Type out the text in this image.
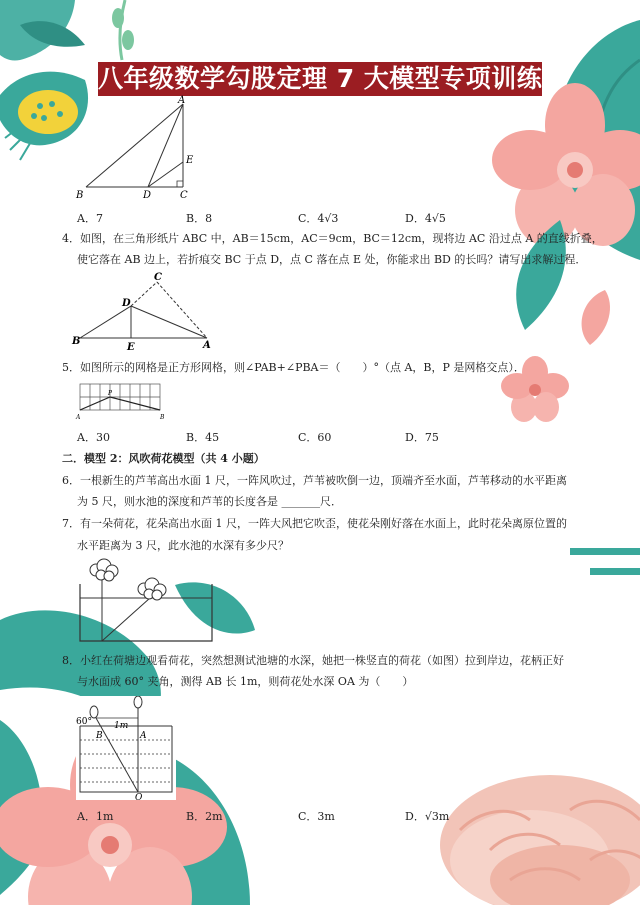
八年级数学勾股定理 7 大模型专项训练
A
B	C
D
E
A．7	B．8	C．4√3	D．4√5
4．如图，在三角形纸片 ABC 中，AB＝15cm，AC＝9cm，BC＝12cm，现将边 AC 沿过点 A 的直线折叠，
使它落在 AB 边上，若折痕交 BC 于点 D，点 C 落在点 E 处，你能求出 BD 的长吗？请写出求解过程．
C
D
B
E	A
5．如图所示的网格是正方形网格，则∠PAB+∠PBA＝（　　）°（点 A，B，P 是网格交点）．
P
A	B
A．30	B．45	C．60	D．75
二．模型 2：风吹荷花模型（共 4 小题）
6．一根新生的芦苇高出水面 1 尺，一阵风吹过，芦苇被吹倒一边，顶端齐至水面，芦苇移动的水平距离
为 5 尺，则水池的深度和芦苇的长度各是 _______尺．
7．有一朵荷花，花朵高出水面 1 尺，一阵大风把它吹歪，使花朵刚好落在水面上，此时花朵离原位置的
水平距离为 3 尺，此水池的水深有多少尺？
8．小红在荷塘边观看荷花，突然想测试池塘的水深，她把一株竖直的荷花（如图）拉到岸边，花柄正好
与水面成 60° 夹角，测得 AB 长 1m，则荷花处水深 OA 为（　　）
60° 1m
B	A
O
A．1m	B．2m	C．3m	D．√3m
